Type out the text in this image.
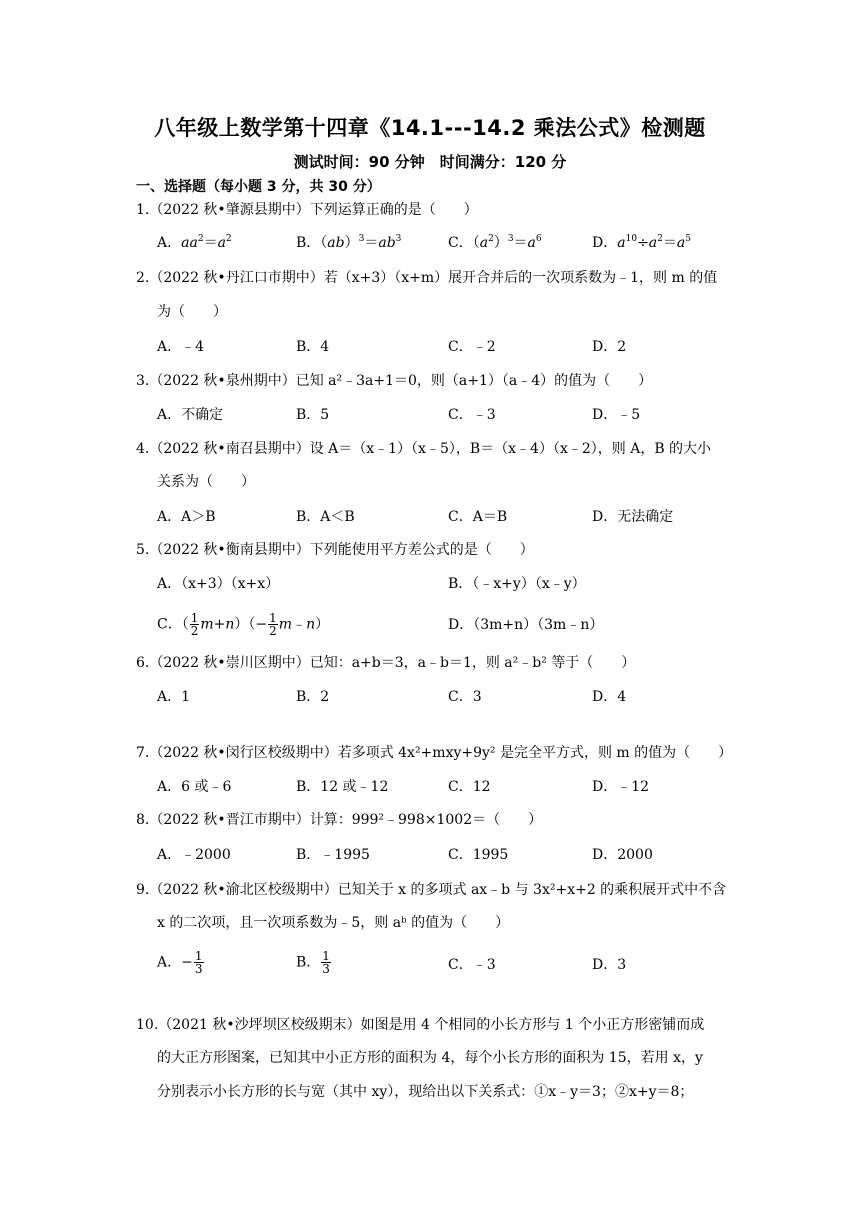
八年级上数学第十四章《14.1---14.2 乘法公式》检测题
测试时间：90 分钟　时间满分：120 分
一、选择题（每小题 3 分，共 30 分）
1.（2022 秋•肇源县期中）下列运算正确的是（　　）
A．$aa^2=a^2$	B．$(ab)^3=ab^3$	C．$(a^2)^3=a^6$	D．$a^{10}\div a^2=a^5$
2.（2022 秋•丹江口市期中）若（x+3）（x+m）展开合并后的一次项系数为﹣1，则 m 的值
为（　　）
A．﹣4	B．4	C．﹣2	D．2
3.（2022 秋•泉州期中）已知 a²﹣3a+1＝0，则（a+1）（a﹣4）的值为（　　）
A．不确定	B．5	C．﹣3	D．﹣5
4.（2022 秋•南召县期中）设 A＝（x﹣1）（x﹣5），B＝（x﹣4）（x﹣2），则 A，B 的大小
关系为（　　）
A．A＞B	B．A＜B	C．A＝B	D．无法确定
5.（2022 秋•衡南县期中）下列能使用平方差公式的是（　　）
A．（x+3）（x+x）	B．（﹣x+y）（x﹣y）
C．（ $\frac{1}{2} m+n)(- \frac{1}{2}$ m﹣n）	D．（3m+n）（3m﹣n）
6.（2022 秋•崇川区期中）已知：a+b＝3，a﹣b＝1，则 a²﹣b² 等于（　　）
A．1	B．2	C．3	D．4
7.（2022 秋•闵行区校级期中）若多项式 4x²+mxy+9y² 是完全平方式，则 m 的值为（　　）
A．6 或﹣6	B．12 或﹣12	C．12	D．﹣12
8.（2022 秋•晋江市期中）计算：999²﹣998×1002＝（　　）
A．﹣2000	B．﹣1995	C．1995	D．2000
9.（2022 秋•渝北区校级期中）已知关于 x 的多项式 ax﹣b 与 3x²+x+2 的乘积展开式中不含
x 的二次项，且一次项系数为﹣5，则 aᵇ 的值为（　　）
A．− $\frac{1}{3}$	B． $\frac{1}{3}$	C．﹣3	D．3
10.（2021 秋•沙坪坝区校级期末）如图是用 4 个相同的小长方形与 1 个小正方形密铺而成
的大正方形图案，已知其中小正方形的面积为 4，每个小长方形的面积为 15，若用 x，y
分别表示小长方形的长与宽（其中 xy），现给出以下关系式：①x﹣y＝3；②x+y＝8；
